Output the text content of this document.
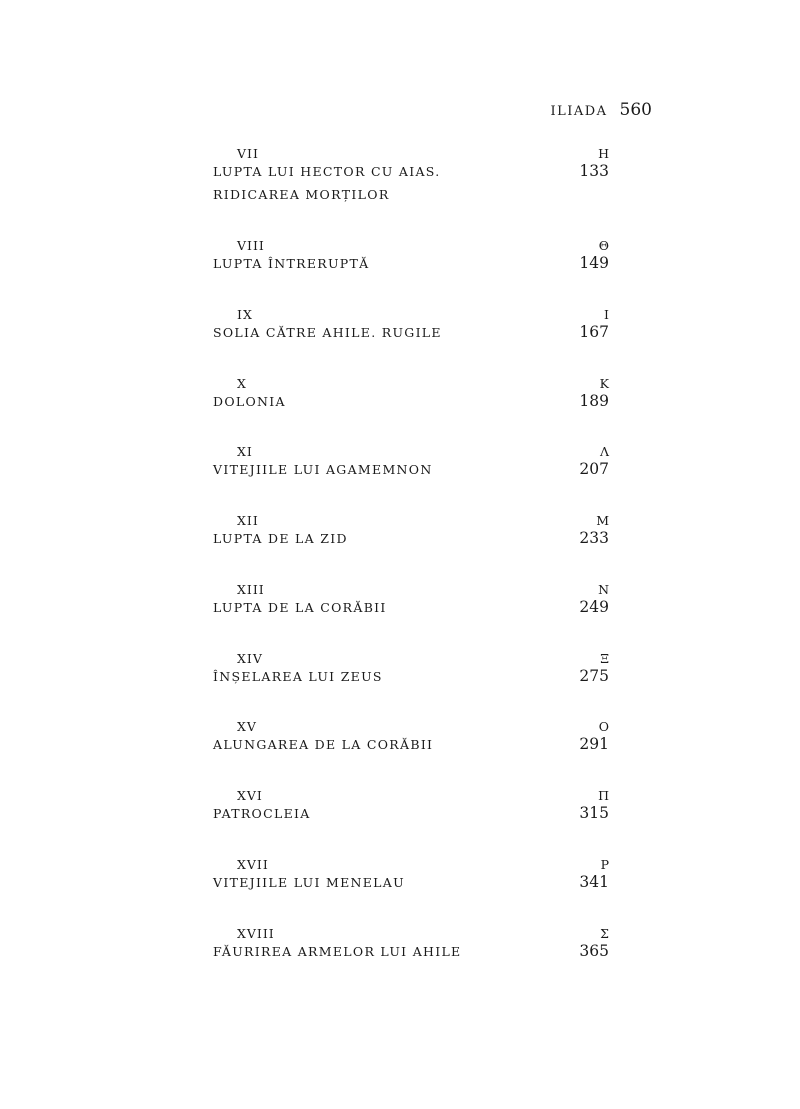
ILIADA 560
VII	Η
LUPTA LUI HECTOR CU AIAS.
RIDICAREA MORȚILOR
133
VIII	Θ
LUPTA ÎNTRERUPTĂ	149
IX	Ι
SOLIA CĂTRE AHILE. RUGILE	167
X	Κ
DOLONIA	189
XI	Λ
VITEJIILE LUI AGAMEMNON	207
XII	Μ
LUPTA DE LA ZID	233
XIII	Ν
LUPTA DE LA CORĂBII	249
XIV	Ξ
ÎNȘELAREA LUI ZEUS	275
XV	Ο
ALUNGAREA DE LA CORĂBII	291
XVI	Π
PATROCLEIA	315
XVII	Ρ
VITEJIILE LUI MENELAU	341
XVIII	Σ
FĂURIREA ARMELOR LUI AHILE	365
